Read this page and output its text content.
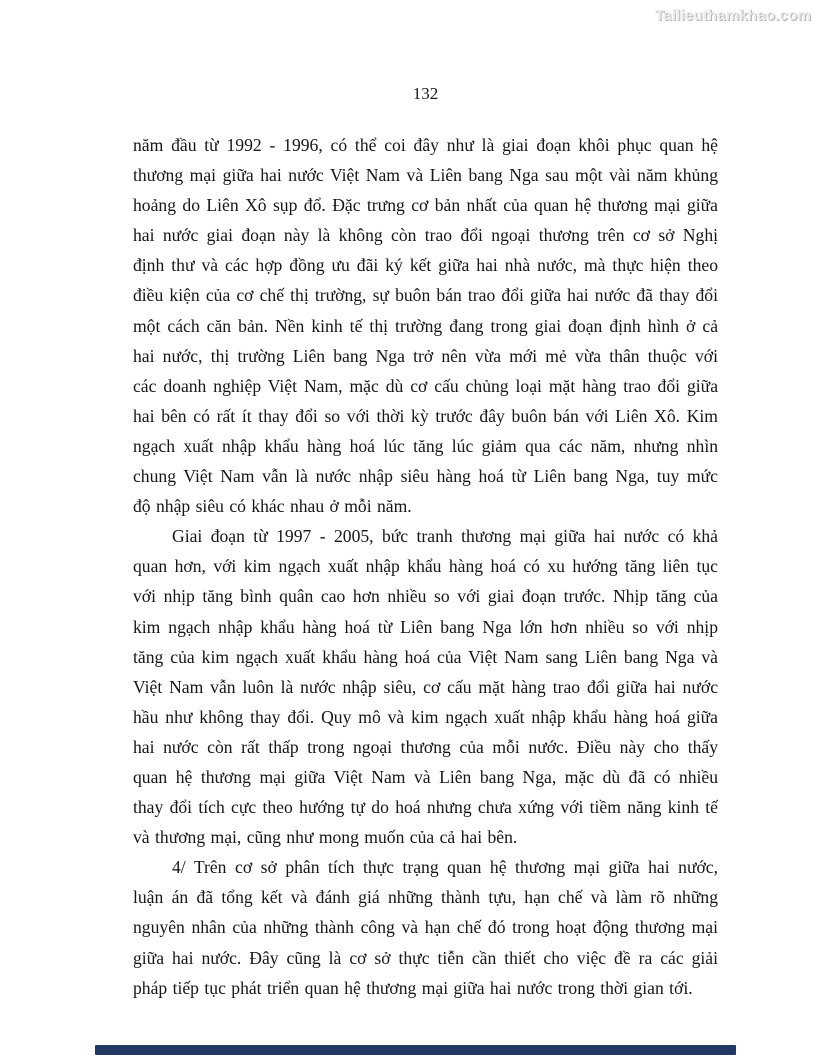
Tailieuthamkhao.com
132
năm đầu từ 1992 - 1996, có thể coi đây như là giai đoạn khôi phục quan hệ
thương mại giữa hai nước Việt Nam và Liên bang Nga sau một vài năm khủng
hoảng do Liên Xô sụp đổ. Đặc trưng cơ bản nhất của quan hệ thương mại giữa
hai nước giai đoạn này là không còn trao đổi ngoại thương trên cơ sở Nghị
định thư và các hợp đồng ưu đãi ký kết giữa hai nhà nước, mà thực hiện theo
điều kiện của cơ chế thị trường, sự buôn bán trao đổi giữa hai nước đã thay đổi
một cách căn bản. Nền kinh tế thị trường đang trong giai đoạn định hình ở cả
hai nước, thị trường Liên bang Nga trở nên vừa mới mẻ vừa thân thuộc với
các doanh nghiệp Việt Nam, mặc dù cơ cấu chủng loại mặt hàng trao đổi giữa
hai bên có rất ít thay đổi so với thời kỳ trước đây buôn bán với Liên Xô. Kim
ngạch xuất nhập khẩu hàng hoá lúc tăng lúc giảm qua các năm, nhưng nhìn
chung Việt Nam vẫn là nước nhập siêu hàng hoá từ Liên bang Nga, tuy mức
độ nhập siêu có khác nhau ở mỗi năm.
Giai đoạn từ 1997 - 2005, bức tranh thương mại giữa hai nước có khả
quan hơn, với kim ngạch xuất nhập khẩu hàng hoá có xu hướng tăng liên tục
với nhịp tăng bình quân cao hơn nhiều so với giai đoạn trước. Nhịp tăng của
kim ngạch nhập khẩu hàng hoá từ Liên bang Nga lớn hơn nhiều so với nhịp
tăng của kim ngạch xuất khẩu hàng hoá của Việt Nam sang Liên bang Nga và
Việt Nam vẫn luôn là nước nhập siêu, cơ cấu mặt hàng trao đổi giữa hai nước
hầu như không thay đổi. Quy mô và kim ngạch xuất nhập khẩu hàng hoá giữa
hai nước còn rất thấp trong ngoại thương của mỗi nước. Điều này cho thấy
quan hệ thương mại giữa Việt Nam và Liên bang Nga, mặc dù đã có nhiều
thay đổi tích cực theo hướng tự do hoá nhưng chưa xứng với tiềm năng kinh tế
và thương mại, cũng như mong muốn của cả hai bên.
4/ Trên cơ sở phân tích thực trạng quan hệ thương mại giữa hai nước,
luận án đã tổng kết và đánh giá những thành tựu, hạn chế và làm rõ những
nguyên nhân của những thành công và hạn chế đó trong hoạt động thương mại
giữa hai nước. Đây cũng là cơ sở thực tiễn cần thiết cho việc đề ra các giải
pháp tiếp tục phát triển quan hệ thương mại giữa hai nước trong thời gian tới.
